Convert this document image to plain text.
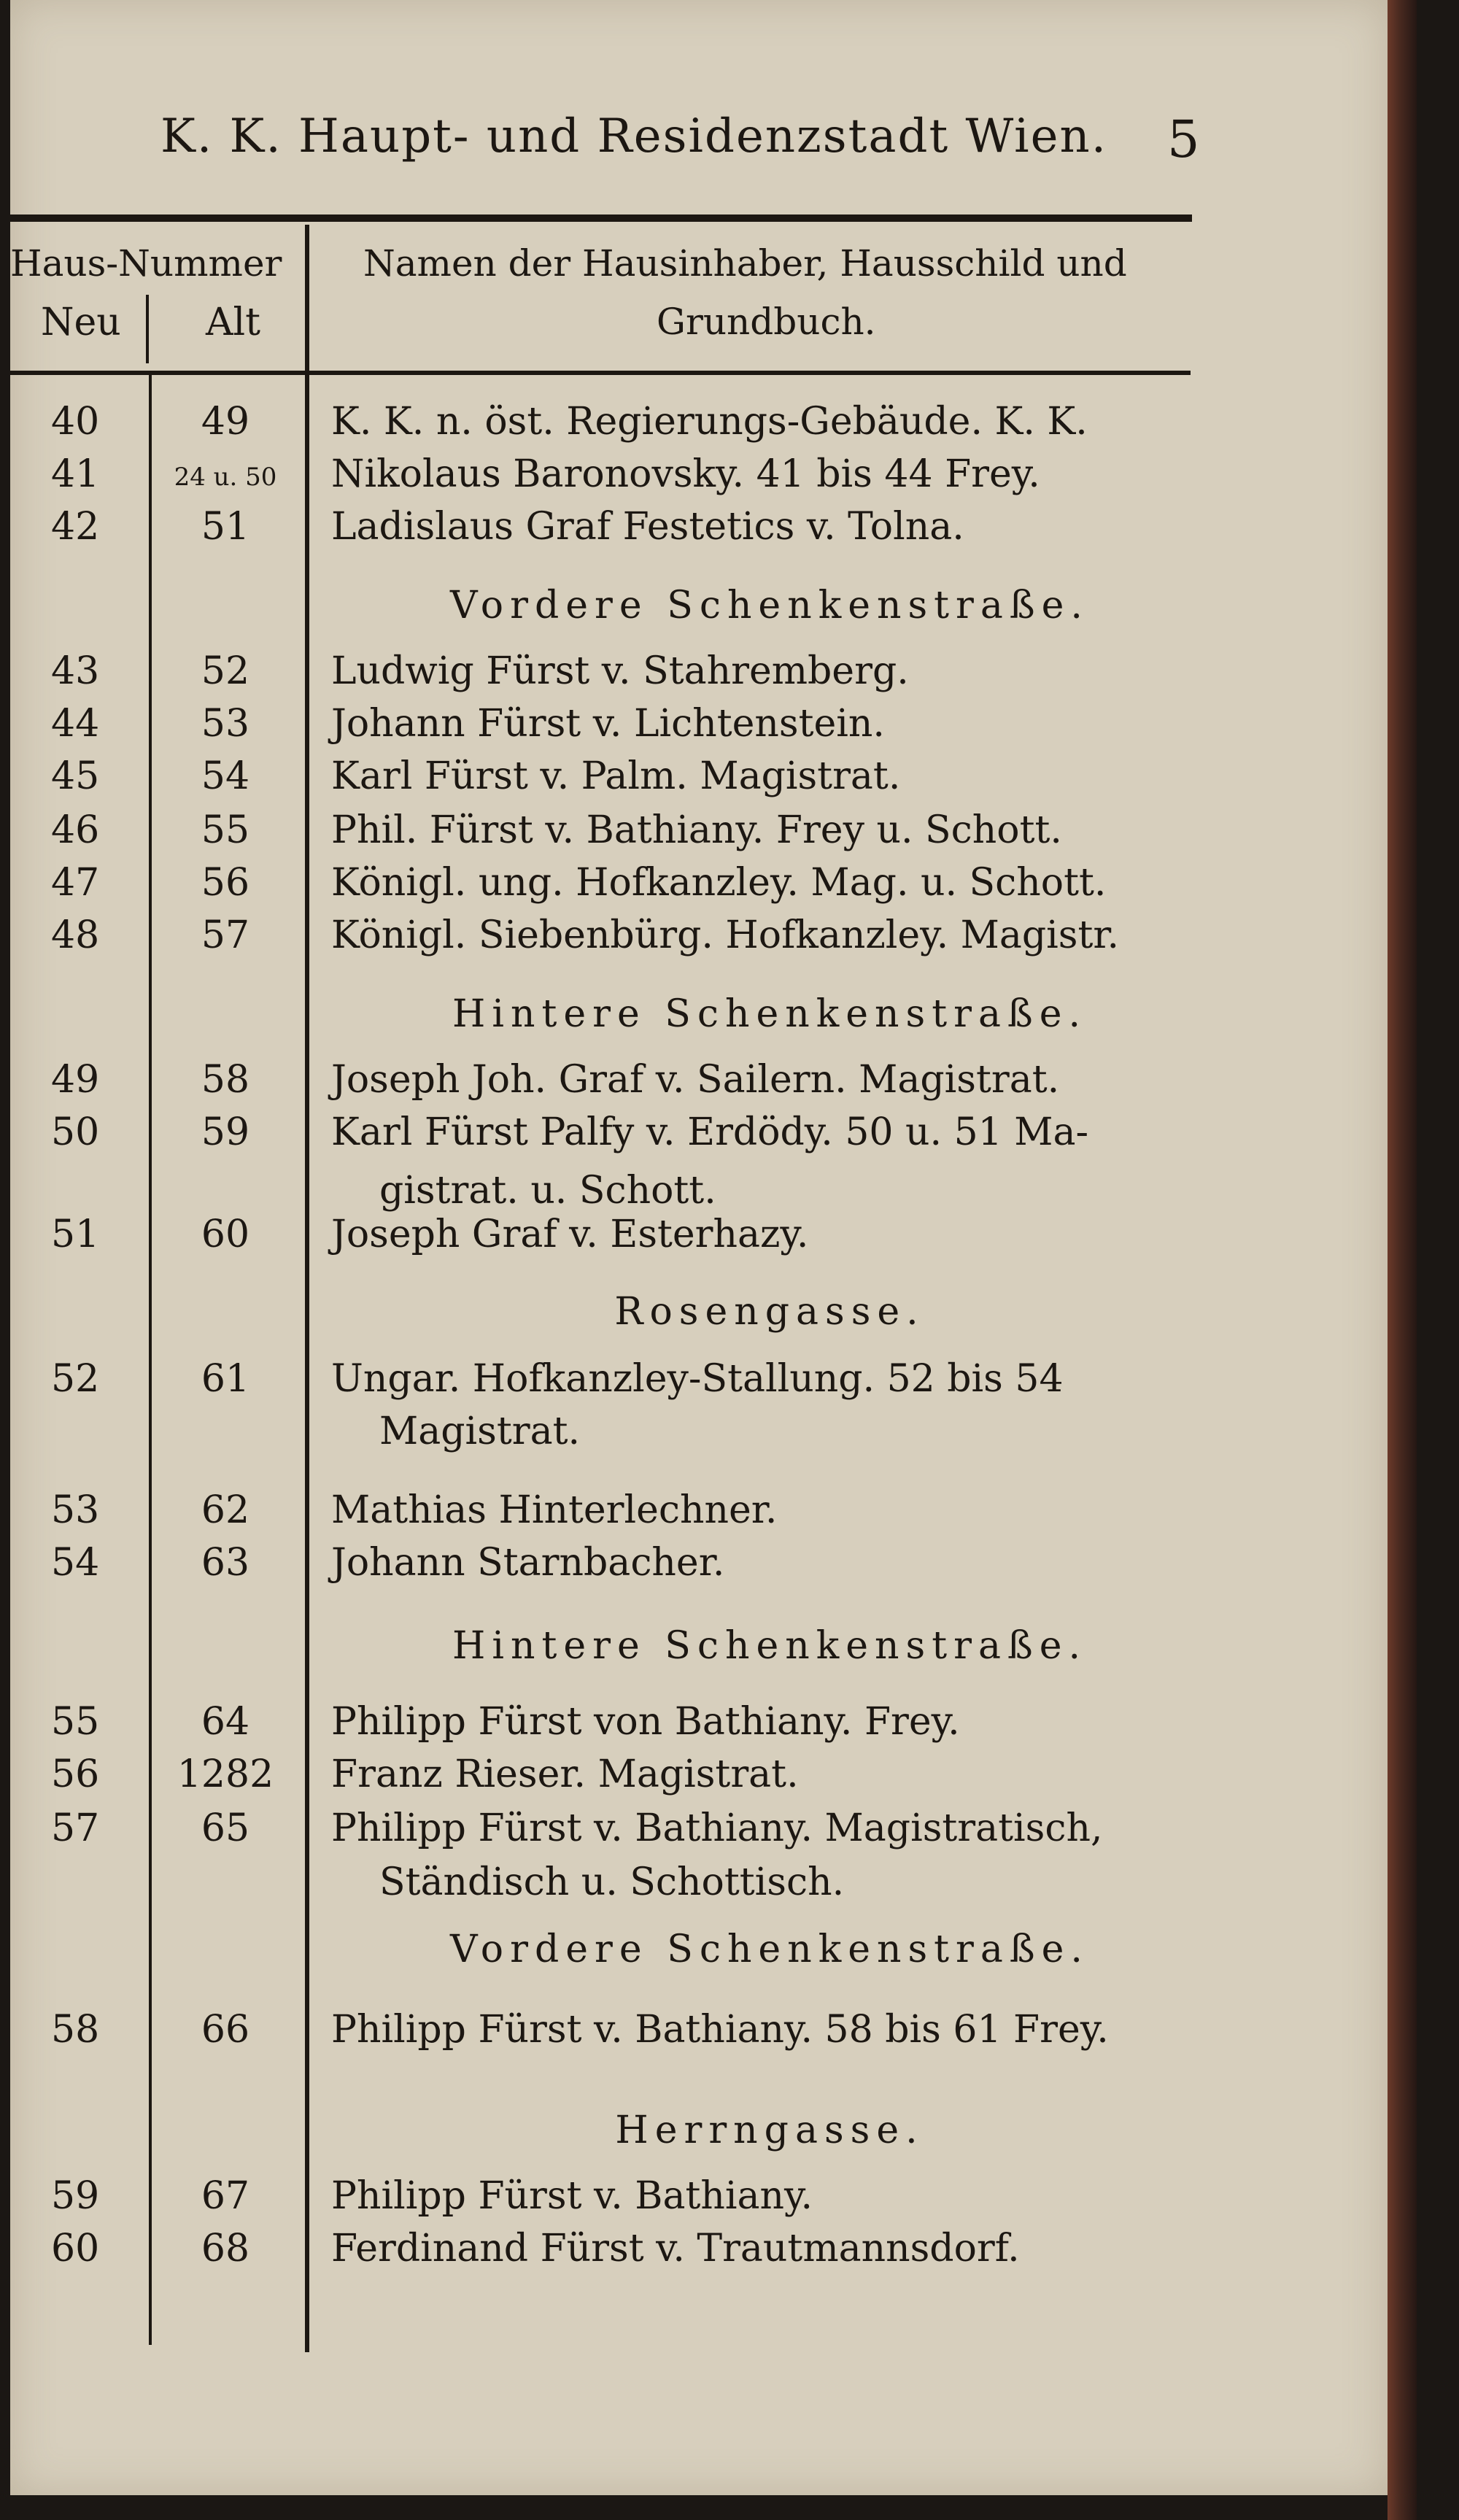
K. K. Haupt- und Residenzstadt Wien.	5
Haus-Nummer
Neu Alt
Namen der Hausinhaber, Hausschild und
Grundbuch.
40	49	K. K. n. öst. Regierungs-Gebäude. K. K.
41	24 u. 50	Nikolaus Baronovsky. 41 bis 44 Frey.
42	51	Ladislaus Graf Festetics v. Tolna.
Vordere Schenkenstraße.
43	52	Ludwig Fürst v. Stahremberg.
44	53	Johann Fürst v. Lichtenstein.
45	54	Karl Fürst v. Palm. Magistrat.
46	55	Phil. Fürst v. Bathiany. Frey u. Schott.
47	56	Königl. ung. Hofkanzley. Mag. u. Schott.
48	57	Königl. Siebenbürg. Hofkanzley. Magistr.
Hintere Schenkenstraße.
49	58	Joseph Joh. Graf v. Sailern. Magistrat.
50	59	Karl Fürst Palfy v. Erdödy. 50 u. 51 Ma-
gistrat. u. Schott.
51	60	Joseph Graf v. Esterhazy.
Rosengasse.
52	61	Ungar. Hofkanzley-Stallung. 52 bis 54
Magistrat.
53	62	Mathias Hinterlechner.
54	63	Johann Starnbacher.
Hintere Schenkenstraße.
55	64	Philipp Fürst von Bathiany. Frey.
56	1282	Franz Rieser. Magistrat.
57	65	Philipp Fürst v. Bathiany. Magistratisch,
Ständisch u. Schottisch.
Vordere Schenkenstraße.
58	66	Philipp Fürst v. Bathiany. 58 bis 61 Frey.
Herrngasse.
59	67	Philipp Fürst v. Bathiany.
60	68	Ferdinand Fürst v. Trautmannsdorf.
